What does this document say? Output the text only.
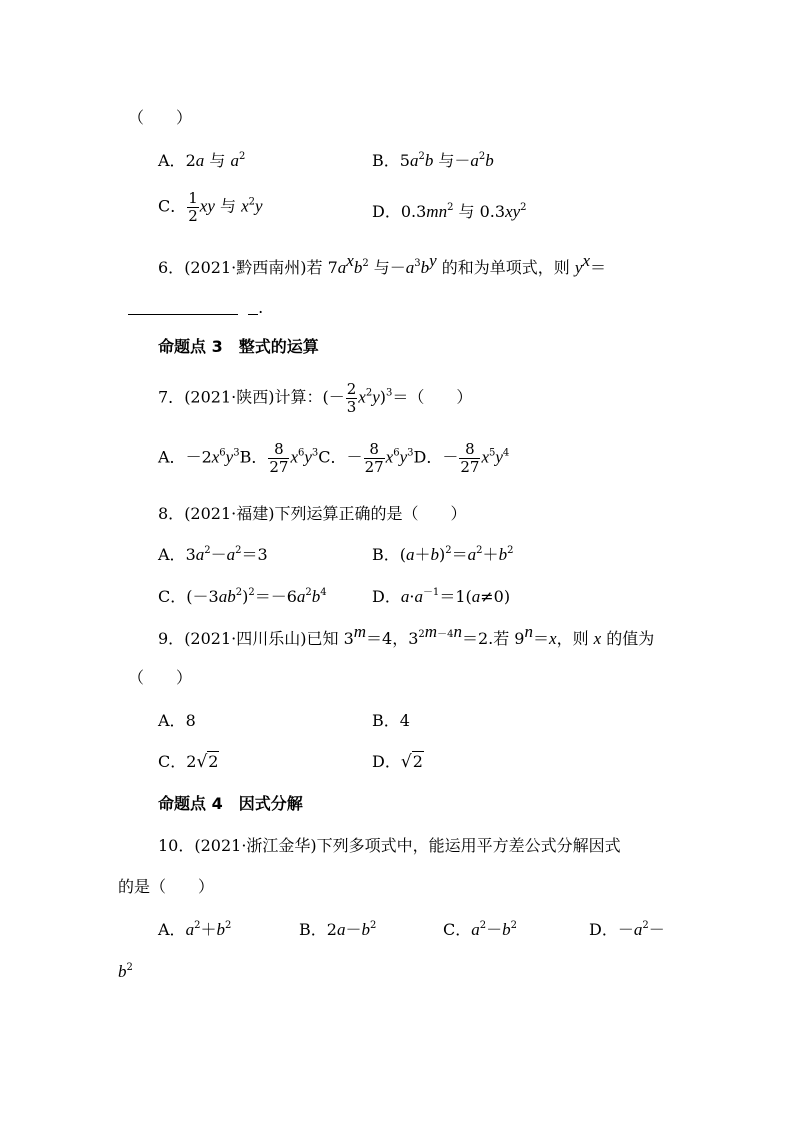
（　　）
A．2a 与 $a^2$	B．$5a^2b$ 与$-a^2b$
C． $\frac{1}{2}$ xy 与 $x^2y$	D．$0.3mn^2$ 与 $0.3xy^2$
6．(2021·黔西南州)若 $7a^xb^2$ 与$-a^3b^y$ 的和为单项式，则 $y^x=$
.
命题点 3　整式的运算
7．(2021·陕西)计算：(－ $\frac{2}{3} x^2y)^3=$（　　）
A．$-2x^6y^3B$． $\frac{8}{27} x^6y^3C$．－ $\frac{8}{27} x^6y^3D$．－ $\frac{8}{27} x^5y^4$
8．(2021·福建)下列运算正确的是（　　）
A．$3a^2-a^2=3$	B．$(a+b)^2=a^2+b^2$
C．$(-3ab^2)^2=-6a^2b^4$	D．$a\cdot a^{-1}=1(a\ne 0)$
9．(2021·四川乐山)已知 $3^m=4$，$3^{2m-4n}=2$.若 $9^n=x$，则 x 的值为
（　　）
A．8	B．4
C．2√2	D．√2
命题点 4　因式分解
10．(2021·浙江金华)下列多项式中，能运用平方差公式分解因式
的是（　　）
A．$a^2+b^2$	B．$2a-b^2$	C．$a^2-b^2$	D．$-a^2-$
$b^2$
